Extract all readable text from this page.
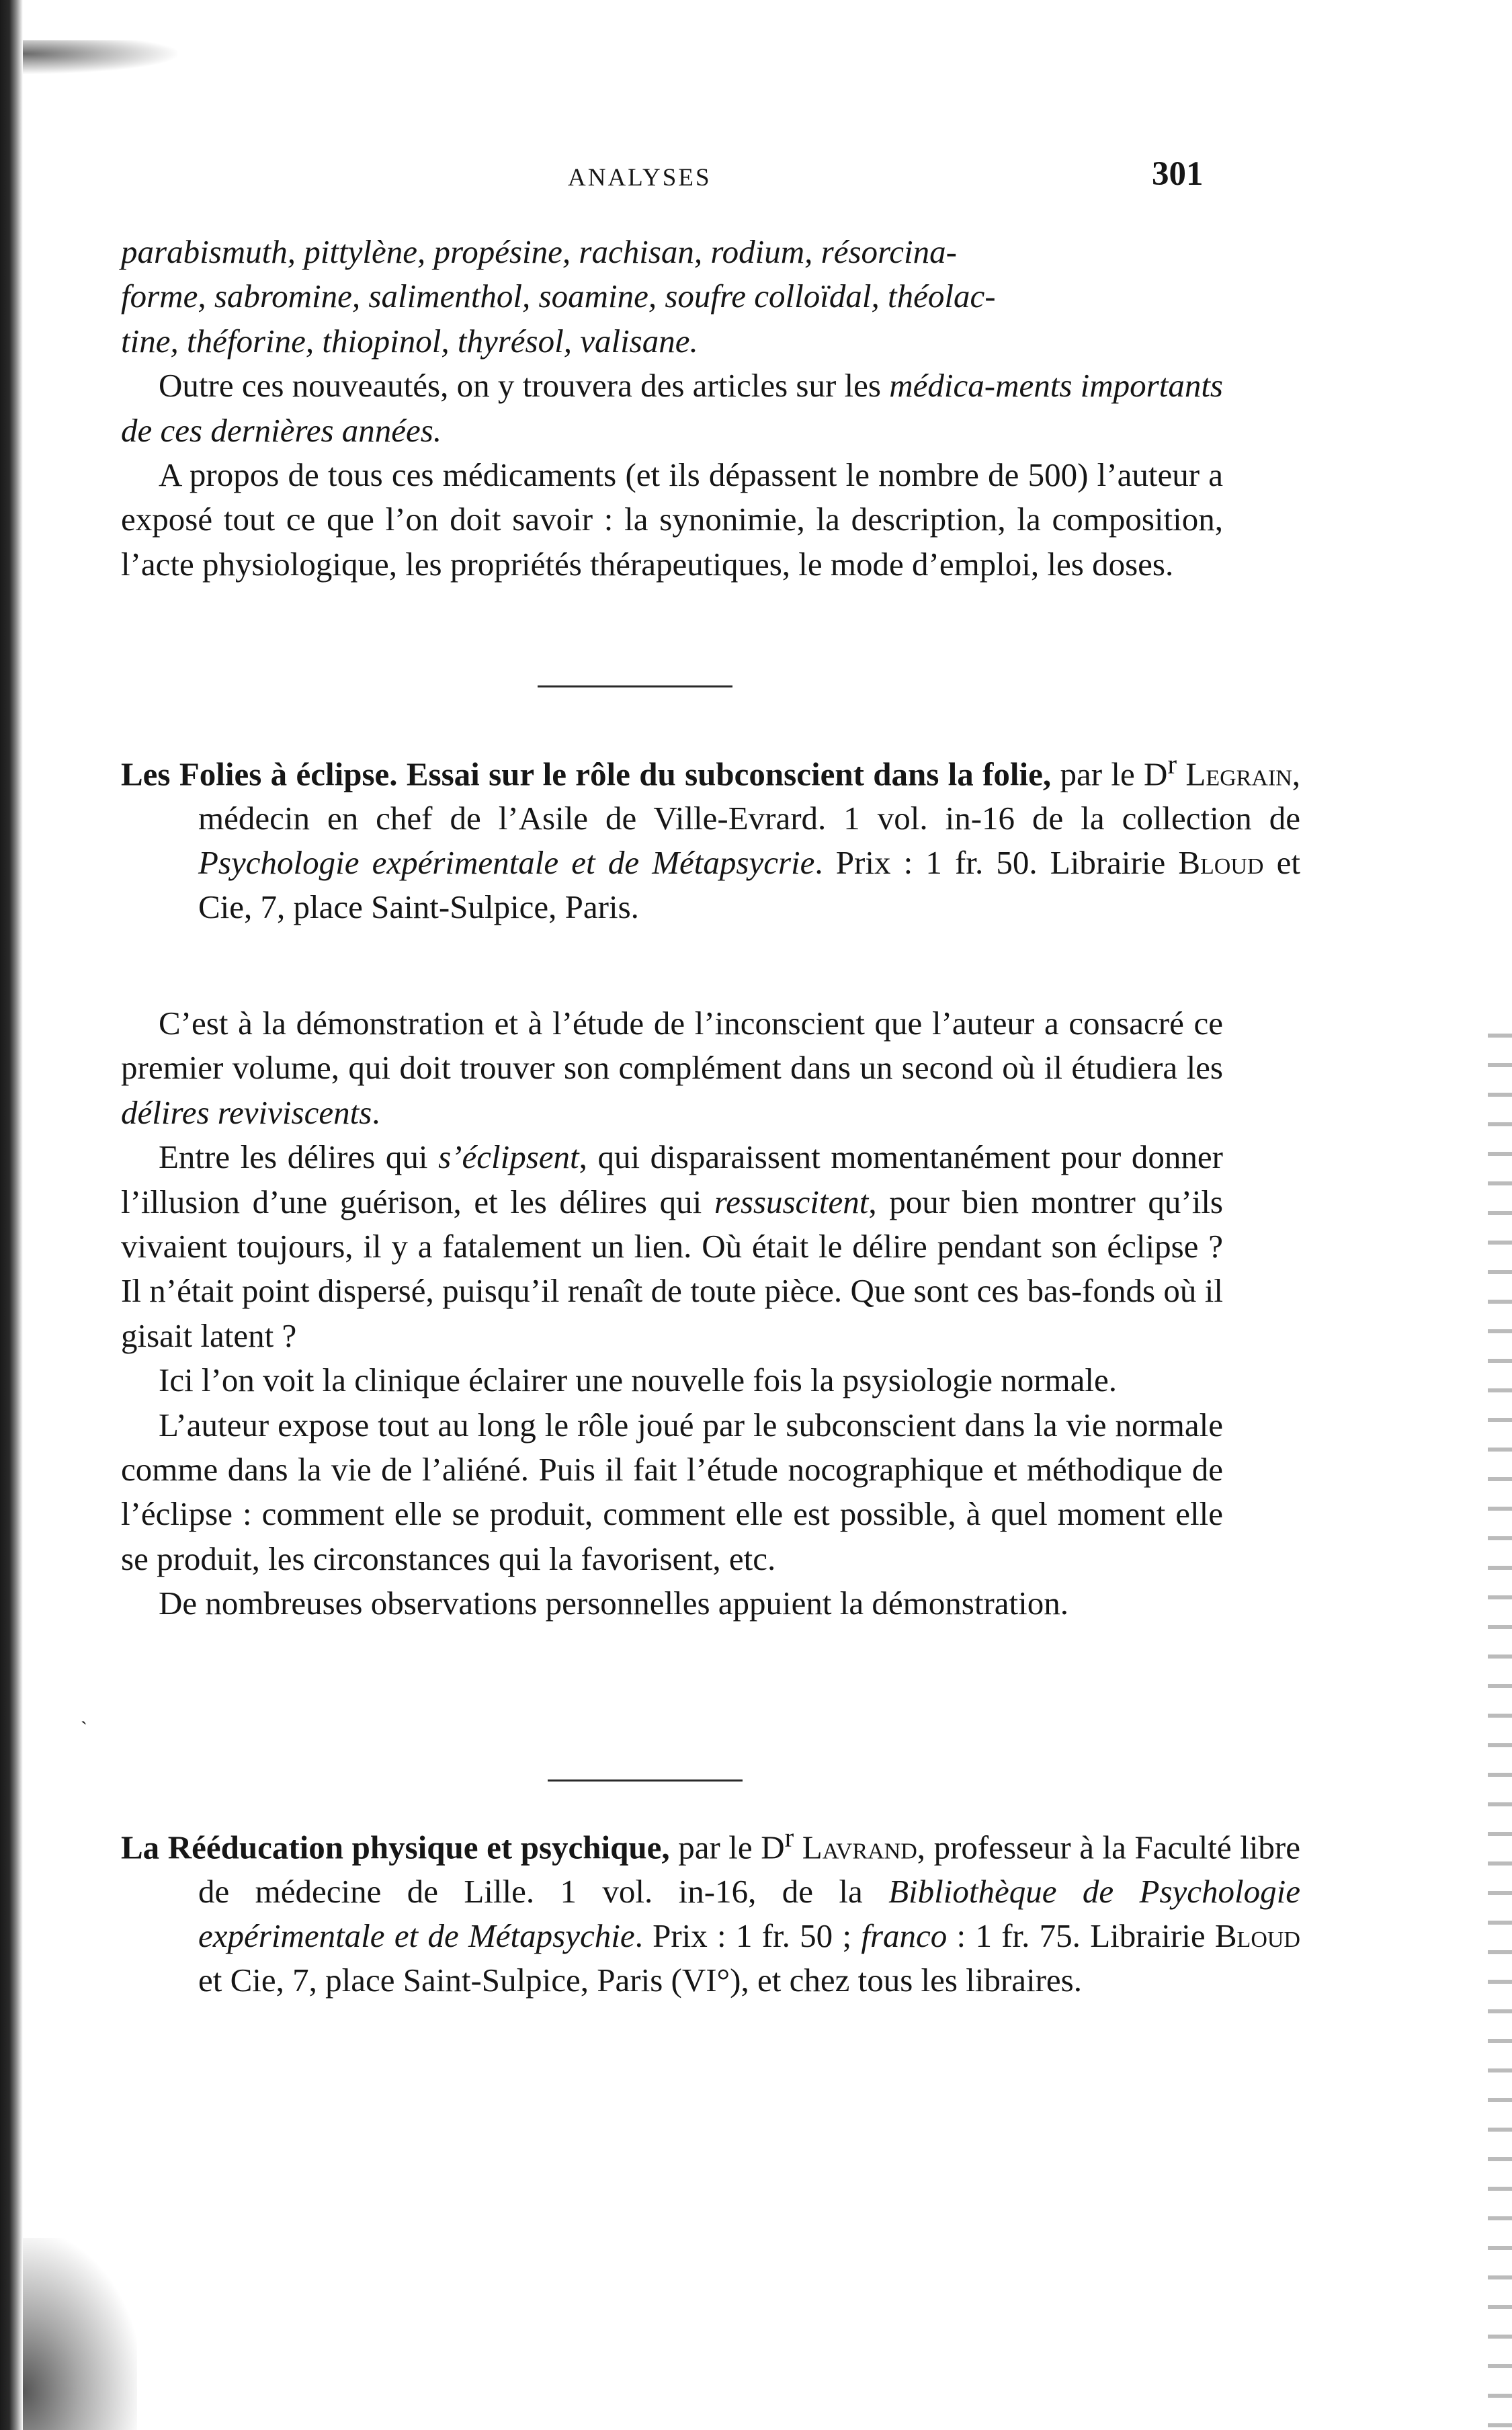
ANALYSES	301

parabismuth, pittylène, propésine, rachisan, rodium, résorcina-

forme, sabromine, salimenthol, soamine, soufre colloïdal, théolac-

tine, théforine, thiopinol, thyrésol, valisane.

Outre ces nouveautés, on y trouvera des articles sur les médica-ments importants de ces dernières années.

A propos de tous ces médicaments (et ils dépassent le nombre de 500) l’auteur a exposé tout ce que l’on doit savoir : la synonimie, la description, la composition, l’acte physiologique, les propriétés thérapeutiques, le mode d’emploi, les doses.

Les Folies à éclipse. Essai sur le rôle du subconscient dans la folie, par le $D^r$ Legrain, médecin en chef de l’Asile de Ville-Evrard. 1 vol. in-16 de la collection de Psychologie expérimentale et de Métapsycrie. Prix : 1 fr. 50. Librairie Bloud et Cie, 7, place Saint-Sulpice, Paris.

C’est à la démonstration et à l’étude de l’inconscient que l’auteur a consacré ce premier volume, qui doit trouver son complément dans un second où il étudiera les délires reviviscents.

Entre les délires qui s’éclipsent, qui disparaissent momentanément pour donner l’illusion d’une guérison, et les délires qui ressuscitent, pour bien montrer qu’ils vivaient toujours, il y a fatalement un lien. Où était le délire pendant son éclipse ? Il n’était point dispersé, puisqu’il renaît de toute pièce. Que sont ces bas-fonds où il gisait latent ?

Ici l’on voit la clinique éclairer une nouvelle fois la psysiologie normale.

L’auteur expose tout au long le rôle joué par le subconscient dans la vie normale comme dans la vie de l’aliéné. Puis il fait l’étude nocographique et méthodique de l’éclipse : comment elle se produit, comment elle est possible, à quel moment elle se produit, les circonstances qui la favorisent, etc.

De nombreuses observations personnelles appuient la démonstration.

ˋ
La Rééducation physique et psychique, par le $D^r$ Lavrand, professeur à la Faculté libre de médecine de Lille. 1 vol. in-16, de la Bibliothèque de Psychologie expérimentale et de Métapsychie. Prix : 1 fr. 50 ; franco : 1 fr. 75. Librairie Bloud et Cie, 7, place Saint-Sulpice, Paris (VI°), et chez tous les libraires.
